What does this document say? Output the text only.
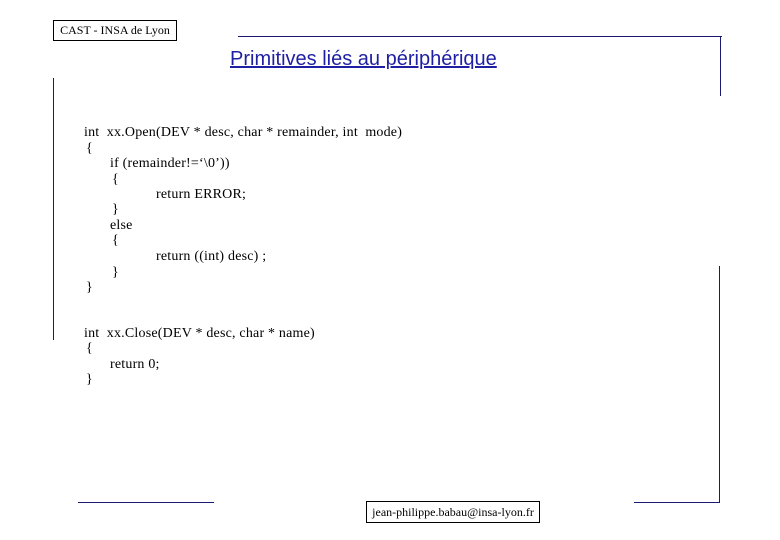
CAST - INSA de Lyon
Primitives liés au périphérique
int  xx.Open(DEV * desc, char * remainder, int  mode)
{
if (remainder!=‘\0’))
{
return ERROR;
}
else
{
return ((int) desc) ;
}
}
int  xx.Close(DEV * desc, char * name)
{
return 0;
}
jean-philippe.babau@insa-lyon.fr
